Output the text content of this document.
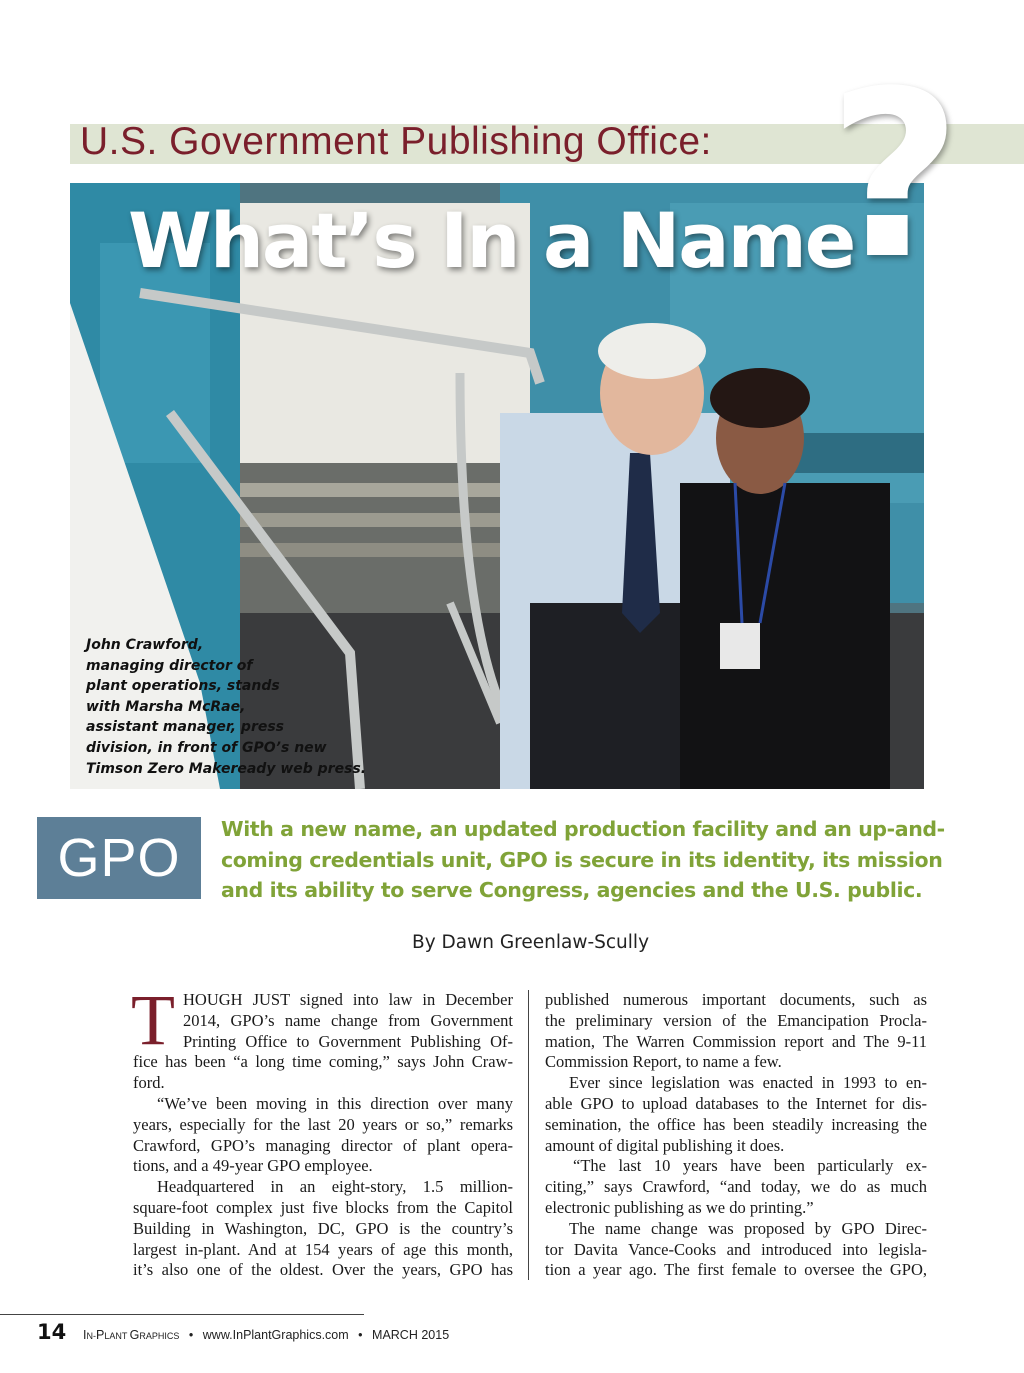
U.S. Government Publishing Office:
What’s In a Name
?
John Crawford,
managing director of
plant operations, stands
with Marsha McRae,
assistant manager, press
division, in front of GPO’s new
Timson Zero Makeready web press.
GPO	With a new name, an updated production facility and an up-and-
coming credentials unit, GPO is secure in its identity, its mission
and its ability to serve Congress, agencies and the U.S. public.
By Dawn Greenlaw-Scully
T HOUGH JUST signed into law in December
2014, GPO’s name change from Government
Printing Office to Government Publishing Of-
fice has been “a long time coming,” says John Craw-
ford.
“We’ve been moving in this direction over many
years, especially for the last 20 years or so,” remarks
Crawford, GPO’s managing director of plant opera-
tions, and a 49-year GPO employee.
Headquartered in an eight-story, 1.5 million-
square-foot complex just five blocks from the Capitol
Building in Washington, DC, GPO is the country’s
largest in-plant. And at 154 years of age this month,
it’s also one of the oldest. Over the years, GPO has
published numerous important documents, such as
the preliminary version of the Emancipation Procla-
mation, The Warren Commission report and The 9-11
Commission Report, to name a few.
Ever since legislation was enacted in 1993 to en-
able GPO to upload databases to the Internet for dis-
semination, the office has been steadily increasing the
amount of digital publishing it does.
“The last 10 years have been particularly ex-
citing,” says Crawford, “and today, we do as much
electronic publishing as we do printing.”
The name change was proposed by GPO Direc-
tor Davita Vance-Cooks and introduced into legisla-
tion a year ago. The first female to oversee the GPO,
14 IN-PLANT GRAPHICS • www.InPlantGraphics.com • MARCH 2015
